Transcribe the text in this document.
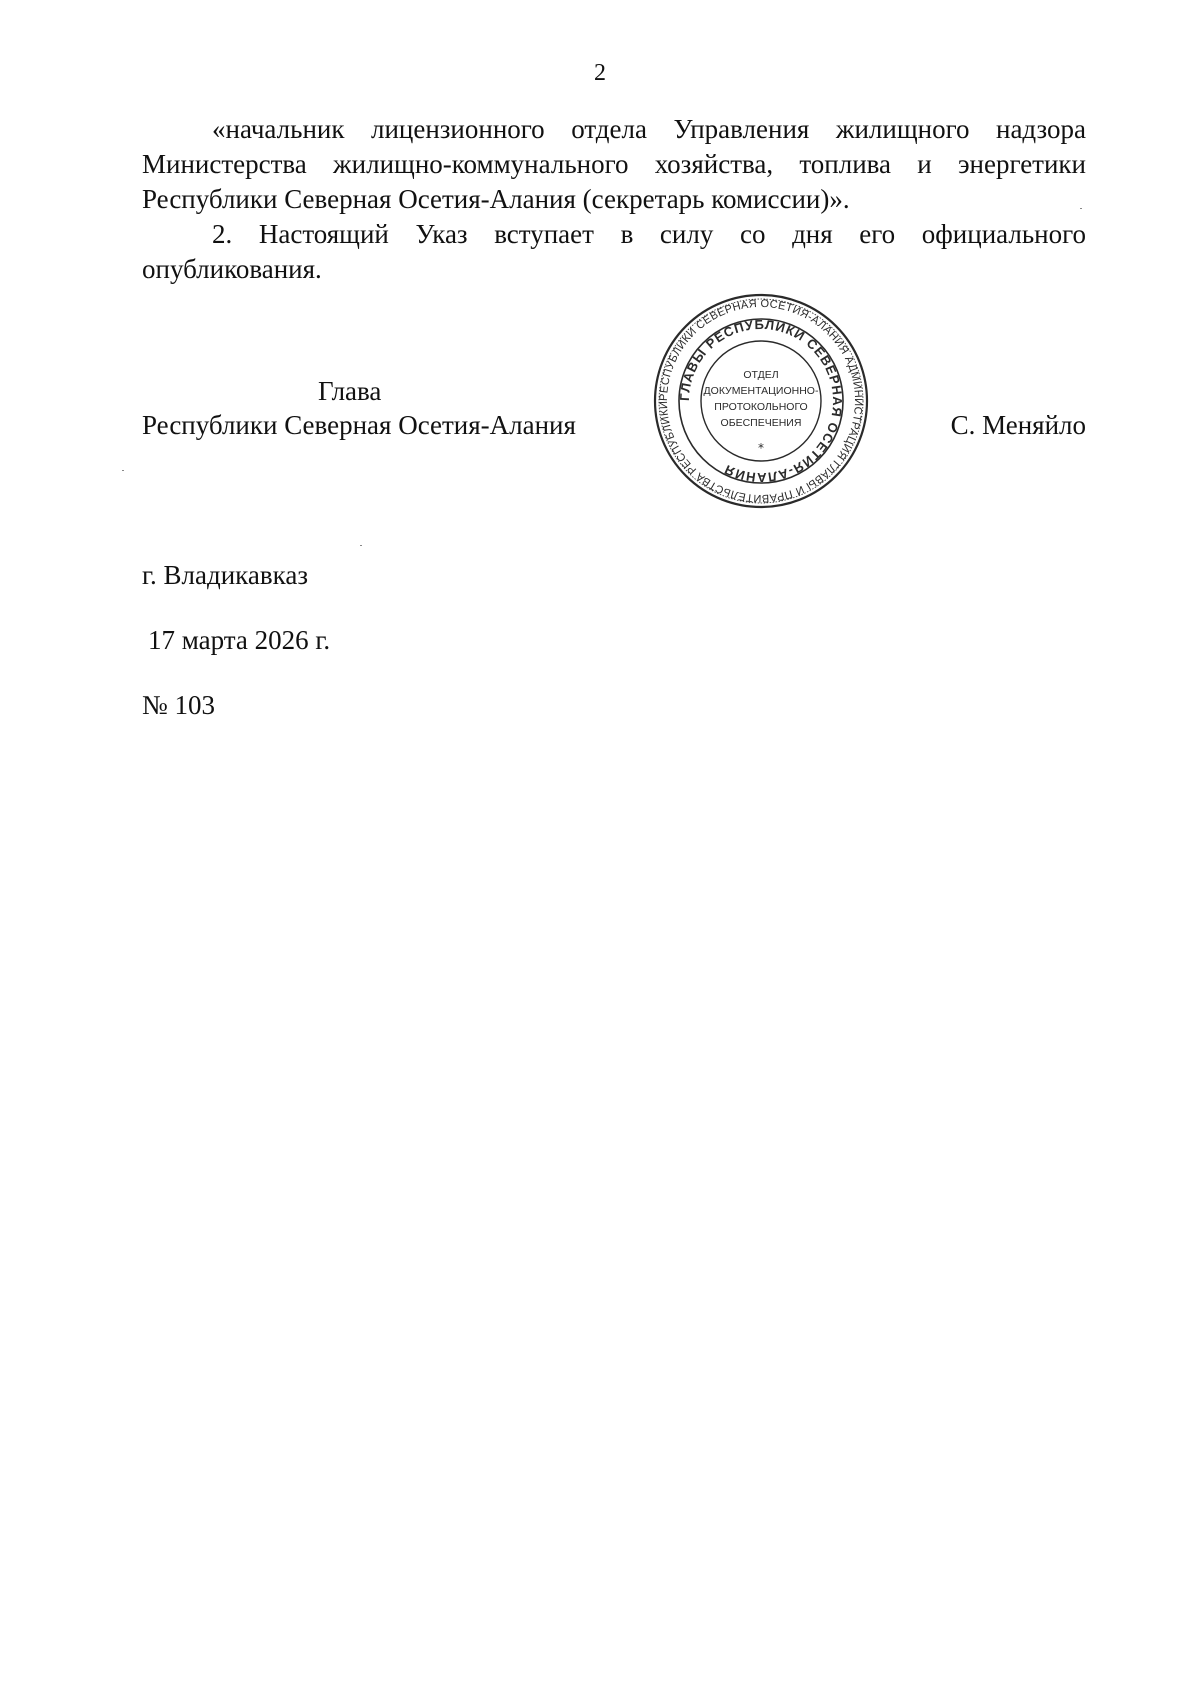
2

«начальник лицензионного отдела Управления жилищного надзора
Министерства жилищно-коммунального хозяйства, топлива и энергетики
Республики Северная Осетия-Алания (секретарь комиссии)».

2. Настоящий Указ вступает в силу со дня его официального
опубликования.

Глава
Республики Северная Осетия-Алания	С. Меняйло
РЕСПУБЛИКИ СЕВЕРНАЯ ОСЕТИЯ-АЛАНИЯ АДМИНИСТРАЦИЯ ГЛАВЫ И ПРАВИТЕЛЬСТВА РЕСПУБЛИКИ
ГЛАВЫ РЕСПУБЛИКИ СЕВЕРНАЯ ОСЕТИЯ-АЛАНИЯ
ОТДЕЛ
ДОКУМЕНТАЦИОННО-
ПРОТОКОЛЬНОГО
ОБЕСПЕЧЕНИЯ
*
г. Владикавказ
17 марта 2026 г.
№ 103
